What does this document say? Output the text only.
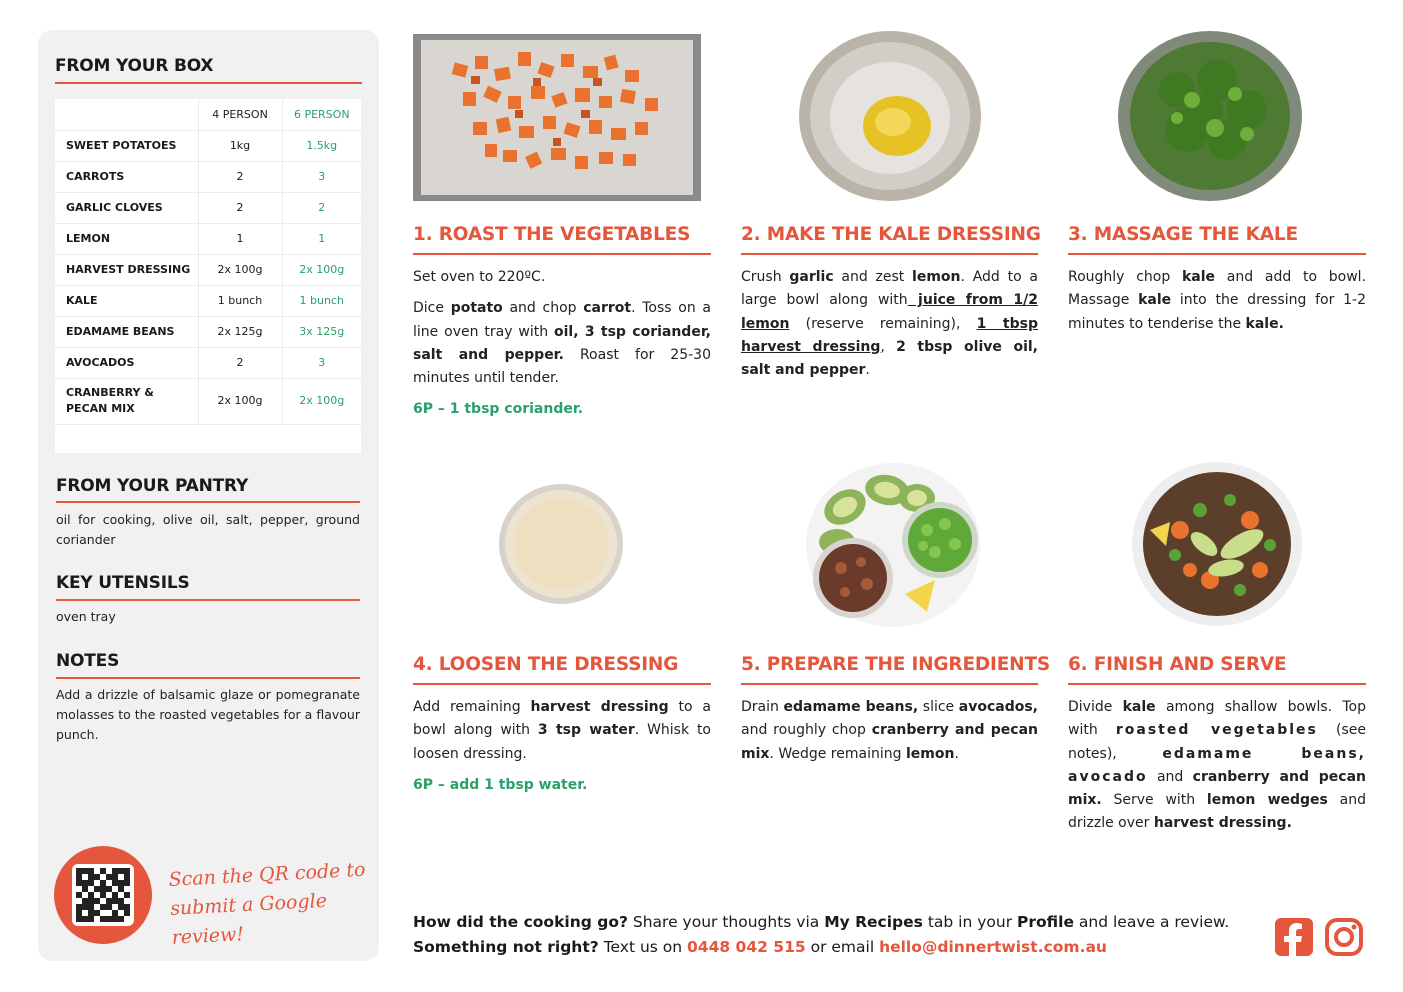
FROM YOUR BOX
	4 PERSON	6 PERSON
SWEET POTATOES	1kg	1.5kg
CARROTS	2	3
GARLIC CLOVES	2	2
LEMON	1	1
HARVEST DRESSING	2x 100g	2x 100g
KALE	1 bunch	1 bunch
EDAMAME BEANS	2x 125g	3x 125g
AVOCADOS	2	3
CRANBERRY &
PECAN MIX	2x 100g	2x 100g
FROM YOUR PANTRY
oil for cooking, olive oil, salt, pepper, ground coriander
KEY UTENSILS
oven tray
NOTES
Add a drizzle of balsamic glaze or pomegranate molasses to the roasted vegetables for a flavour punch.
Scan the QR code to
submit a Google review!
1. ROAST THE VEGETABLES

Set oven to 220ºC.

Dice potato and chop carrot. Toss on a line oven tray with oil, 3 tsp coriander, salt and pepper. Roast for 25-30 minutes until tender.

6P – 1 tbsp coriander.

2. MAKE THE KALE DRESSING

Crush garlic and zest lemon. Add to a large bowl along with juice from 1/2 lemon (reserve remaining), 1 tbsp harvest dressing, 2 tbsp olive oil, salt and pepper.

3. MASSAGE THE KALE

Roughly chop kale and add to bowl. Massage kale into the dressing for 1-2 minutes to tenderise the kale.

4. LOOSEN THE DRESSING

Add remaining harvest dressing to a bowl along with 3 tsp water. Whisk to loosen dressing.

6P – add 1 tbsp water.

5. PREPARE THE INGREDIENTS

Drain edamame beans, slice avocados, and roughly chop cranberry and pecan mix. Wedge remaining lemon.

6. FINISH AND SERVE

Divide kale among shallow bowls. Top with roasted vegetables (see notes), edamame beans, avocado and cranberry and pecan mix. Serve with lemon wedges and drizzle over harvest dressing.

How did the cooking go? Share your thoughts via My Recipes tab in your Profile and leave a review.
Something not right? Text us on 0448 042 515 or email hello@dinnertwist.com.au
